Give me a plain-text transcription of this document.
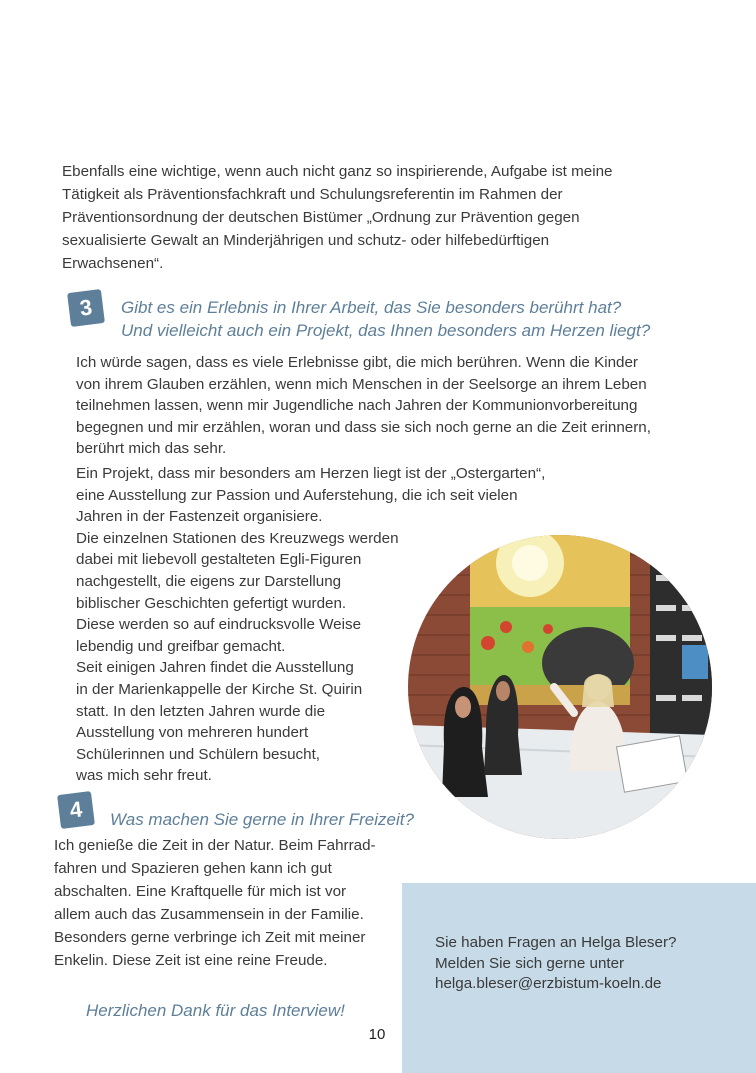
Ebenfalls eine wichtige, wenn auch nicht ganz so inspirierende, Aufgabe ist meine
Tätigkeit als Präventionsfachkraft und Schulungsreferentin im Rahmen der
Präventionsordnung der deutschen Bistümer „Ordnung zur Prävention gegen
sexualisierte Gewalt an Minderjährigen und schutz- oder hilfebedürftigen
Erwachsenen“.

3 Gibt es ein Erlebnis in Ihrer Arbeit, das Sie besonders berührt hat?
Und vielleicht auch ein Projekt, das Ihnen besonders am Herzen liegt?

Ich würde sagen, dass es viele Erlebnisse gibt, die mich berühren. Wenn die Kinder
von ihrem Glauben erzählen, wenn mich Menschen in der Seelsorge an ihrem Leben
teilnehmen lassen, wenn mir Jugendliche nach Jahren der Kommunionvorbereitung
begegnen und mir erzählen, woran und dass sie sich noch gerne an die Zeit erinnern,
berührt mich das sehr.

Ein Projekt, dass mir besonders am Herzen liegt ist der „Ostergarten“,
eine Ausstellung zur Passion und Auferstehung, die ich seit vielen
Jahren in der Fastenzeit organisiere.
Die einzelnen Stationen des Kreuzwegs werden
dabei mit liebevoll gestalteten Egli-Figuren
nachgestellt, die eigens zur Darstellung
biblischer Geschichten gefertigt wurden.
Diese werden so auf eindrucksvolle Weise
lebendig und greifbar gemacht.
Seit einigen Jahren findet die Ausstellung
in der Marienkappelle der Kirche St. Quirin
statt. In den letzten Jahren wurde die
Ausstellung von mehreren hundert
Schülerinnen und Schülern besucht,
was mich sehr freut.

4 Was machen Sie gerne in Ihrer Freizeit?

Ich genieße die Zeit in der Natur. Beim Fahrrad-
fahren und Spazieren gehen kann ich gut
abschalten. Eine Kraftquelle für mich ist vor
allem auch das Zusammensein in der Familie.
Besonders gerne verbringe ich Zeit mit meiner
Enkelin. Diese Zeit ist eine reine Freude.

Herzlichen Dank für das Interview!

Sie haben Fragen an Helga Bleser?
Melden Sie sich gerne unter
helga.bleser@erzbistum-koeln.de

10
